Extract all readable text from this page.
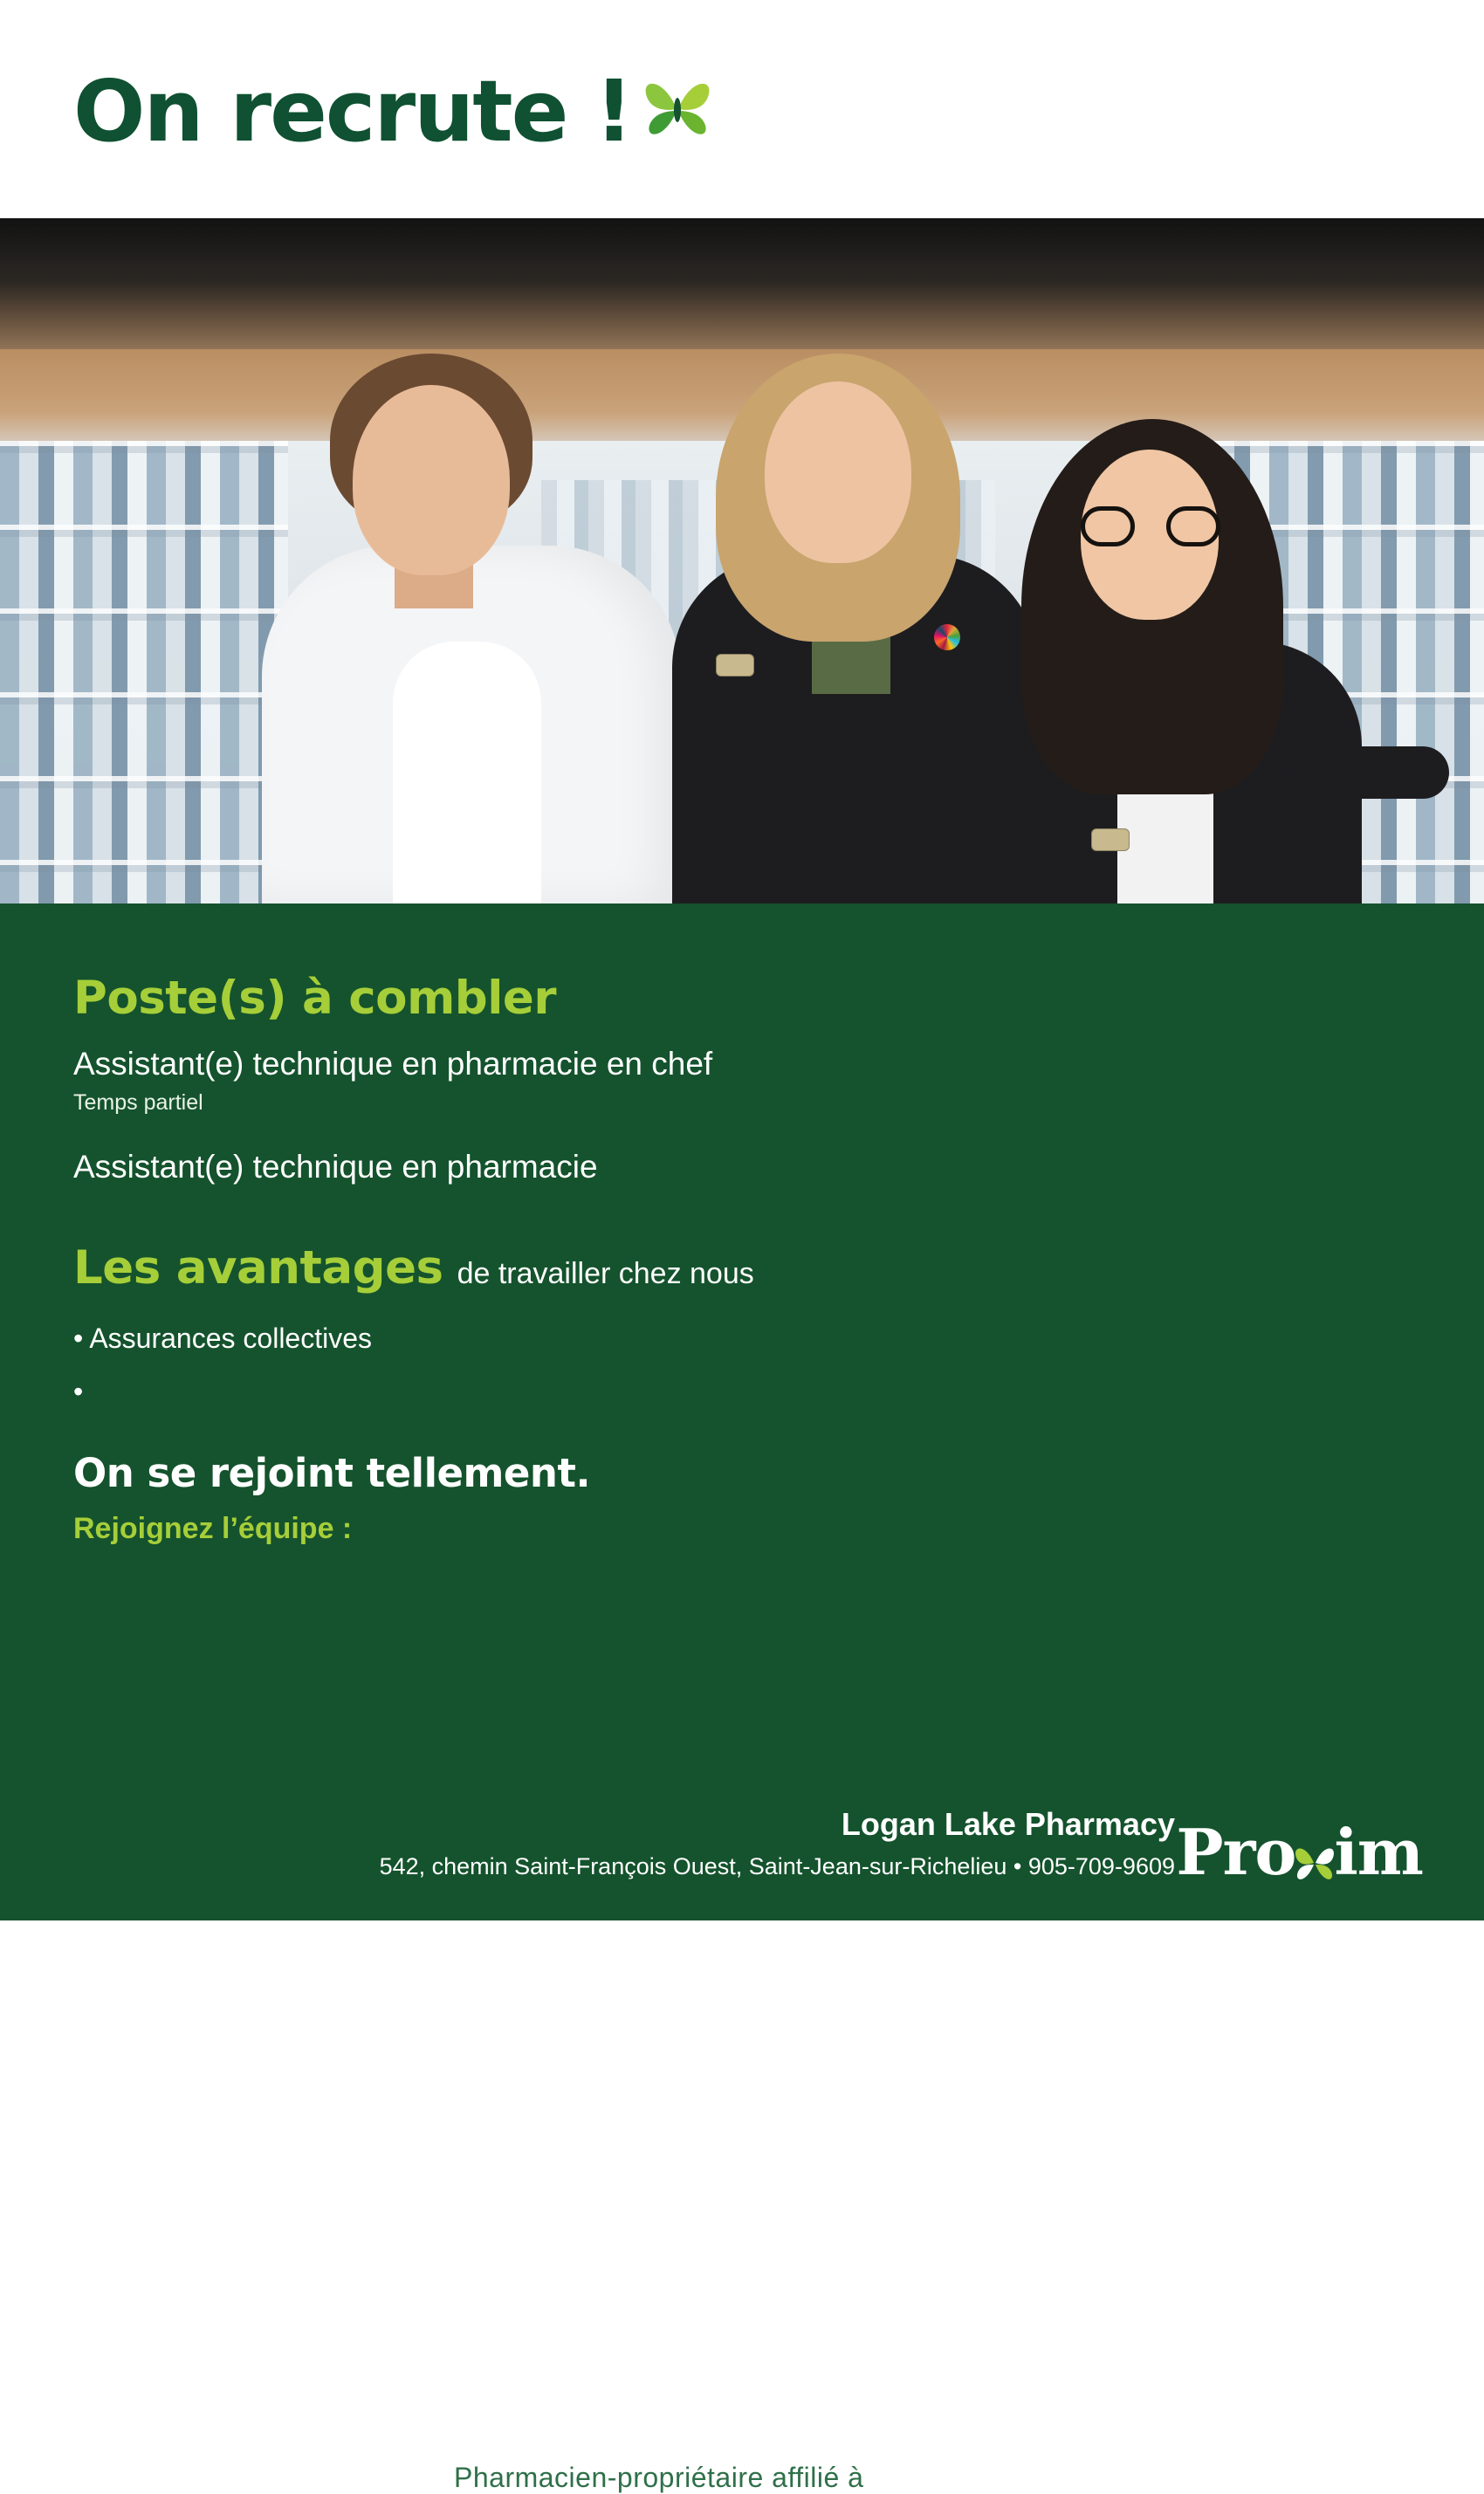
On recrute !
Poste(s) à combler
Assistant(e) technique en pharmacie en chef
Temps partiel
Assistant(e) technique en pharmacie
Les avantages de travailler chez nous
• Assurances collectives
•
On se rejoint tellement.
Rejoignez l’équipe :
Pharmacien-propriétaire affilié à
Logan Lake Pharmacy
542, chemin Saint-François Ouest, Saint-Jean-sur-Richelieu • 905-709-9609 Pro im
